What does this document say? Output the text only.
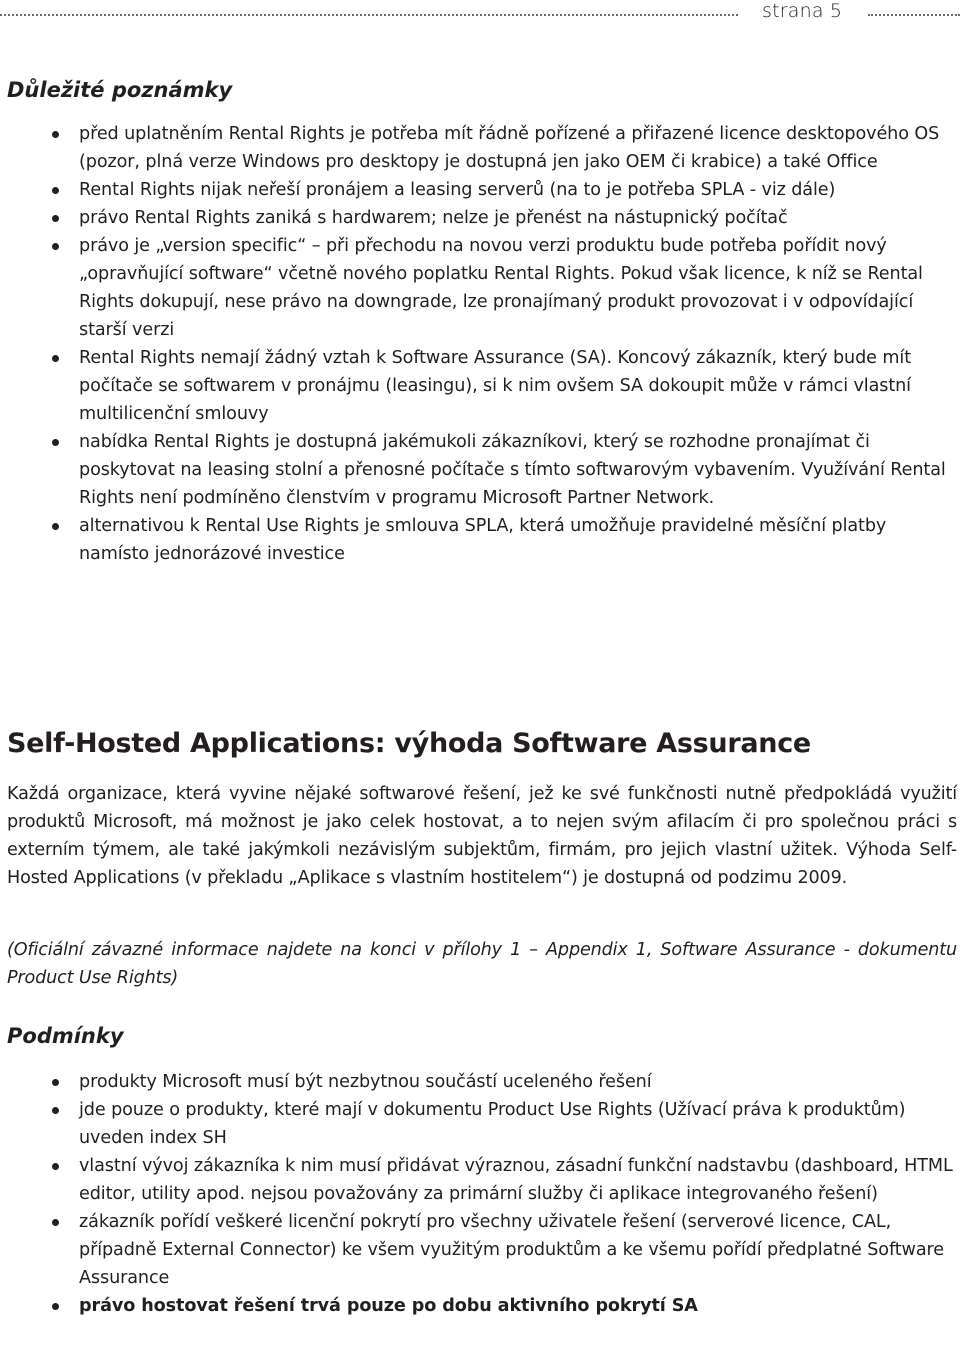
strana 5
Důležité poznámky
před uplatněním Rental Rights je potřeba mít řádně pořízené a přiřazené licence desktopového OS (pozor, plná verze Windows pro desktopy je dostupná jen jako OEM či krabice) a také Office
Rental Rights nijak neřeší pronájem a leasing serverů (na to je potřeba SPLA - viz dále)
právo Rental Rights zaniká s hardwarem; nelze je přenést na nástupnický počítač
právo je „version specific“ – při přechodu na novou verzi produktu bude potřeba pořídit nový „opravňující software“ včetně nového poplatku Rental Rights. Pokud však licence, k níž se Rental Rights dokupují, nese právo na downgrade, lze pronajímaný produkt provozovat i v odpovídající starší verzi
Rental Rights nemají žádný vztah k Software Assurance (SA). Koncový zákazník, který bude mít počítače se softwarem v pronájmu (leasingu), si k nim ovšem SA dokoupit může v rámci vlastní multilicenční smlouvy
nabídka Rental Rights je dostupná jakémukoli zákazníkovi, který se rozhodne pronajímat či poskytovat na leasing stolní a přenosné počítače s tímto softwarovým vybavením. Využívání Rental Rights není podmíněno členstvím v programu Microsoft Partner Network.
alternativou k Rental Use Rights je smlouva SPLA, která umožňuje pravidelné měsíční platby namísto jednorázové investice
Self-Hosted Applications: výhoda Software Assurance

Každá organizace, která vyvine nějaké softwarové řešení, jež ke své funkčnosti nutně předpokládá využití produktů Microsoft, má možnost je jako celek hostovat, a to nejen svým afilacím či pro společnou práci s externím týmem, ale také jakýmkoli nezávislým subjektům, firmám, pro jejich vlastní užitek. Výhoda Self-Hosted Applications (v překladu „Aplikace s vlastním hostitelem“) je dostupná od podzimu 2009.

(Oficiální závazné informace najdete na konci v přílohy 1 – Appendix 1, Software Assurance - dokumentu Product Use Rights)

Podmínky
produkty Microsoft musí být nezbytnou součástí uceleného řešení
jde pouze o produkty, které mají v dokumentu Product Use Rights (Užívací práva k produktům) uveden index SH
vlastní vývoj zákazníka k nim musí přidávat výraznou, zásadní funkční nadstavbu (dashboard, HTML editor, utility apod. nejsou považovány za primární služby či aplikace integrovaného řešení)
zákazník pořídí veškeré licenční pokrytí pro všechny uživatele řešení (serverové licence, CAL, případně External Connector) ke všem využitým produktům a ke všemu pořídí předplatné Software Assurance
právo hostovat řešení trvá pouze po dobu aktivního pokrytí SA
